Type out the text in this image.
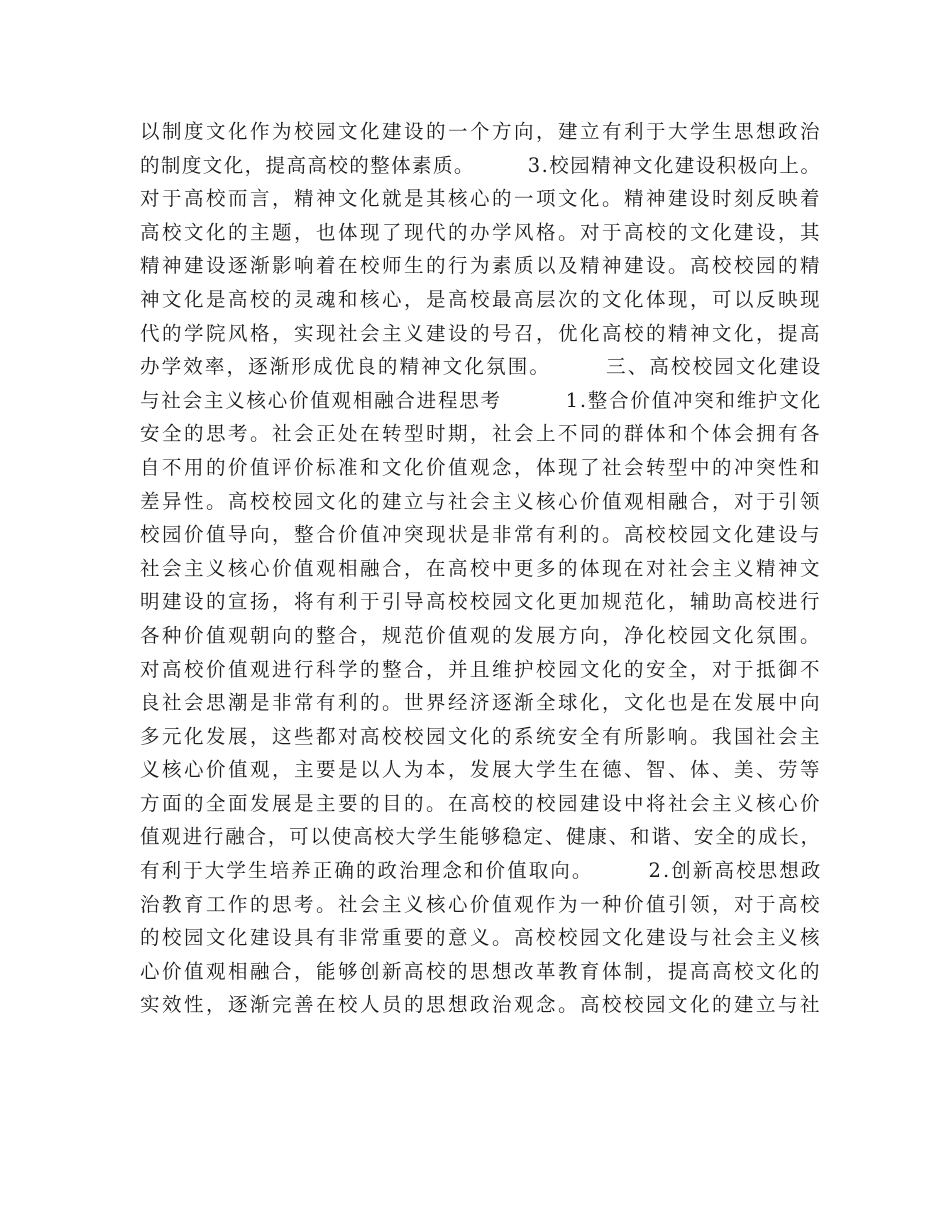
以制度文化作为校园文化建设的一个方向，建立有利于大学生思想政治
的制度文化，提高高校的整体素质。　　　3.校园精神文化建设积极向上。
对于高校而言，精神文化就是其核心的一项文化。精神建设时刻反映着
高校文化的主题，也体现了现代的办学风格。对于高校的文化建设，其
精神建设逐渐影响着在校师生的行为素质以及精神建设。高校校园的精
神文化是高校的灵魂和核心，是高校最高层次的文化体现，可以反映现
代的学院风格，实现社会主义建设的号召，优化高校的精神文化，提高
办学效率，逐渐形成优良的精神文化氛围。　　　三、高校校园文化建设
与社会主义核心价值观相融合进程思考　　　1.整合价值冲突和维护文化
安全的思考。社会正处在转型时期，社会上不同的群体和个体会拥有各
自不用的价值评价标准和文化价值观念，体现了社会转型中的冲突性和
差异性。高校校园文化的建立与社会主义核心价值观相融合，对于引领
校园价值导向，整合价值冲突现状是非常有利的。高校校园文化建设与
社会主义核心价值观相融合，在高校中更多的体现在对社会主义精神文
明建设的宣扬，将有利于引导高校校园文化更加规范化，辅助高校进行
各种价值观朝向的整合，规范价值观的发展方向，净化校园文化氛围。
对高校价值观进行科学的整合，并且维护校园文化的安全，对于抵御不
良社会思潮是非常有利的。世界经济逐渐全球化，文化也是在发展中向
多元化发展，这些都对高校校园文化的系统安全有所影响。我国社会主
义核心价值观，主要是以人为本，发展大学生在德、智、体、美、劳等
方面的全面发展是主要的目的。在高校的校园建设中将社会主义核心价
值观进行融合，可以使高校大学生能够稳定、健康、和谐、安全的成长，
有利于大学生培养正确的政治理念和价值取向。　　　2.创新高校思想政
治教育工作的思考。社会主义核心价值观作为一种价值引领，对于高校
的校园文化建设具有非常重要的意义。高校校园文化建设与社会主义核
心价值观相融合，能够创新高校的思想改革教育体制，提高高校文化的
实效性，逐渐完善在校人员的思想政治观念。高校校园文化的建立与社
